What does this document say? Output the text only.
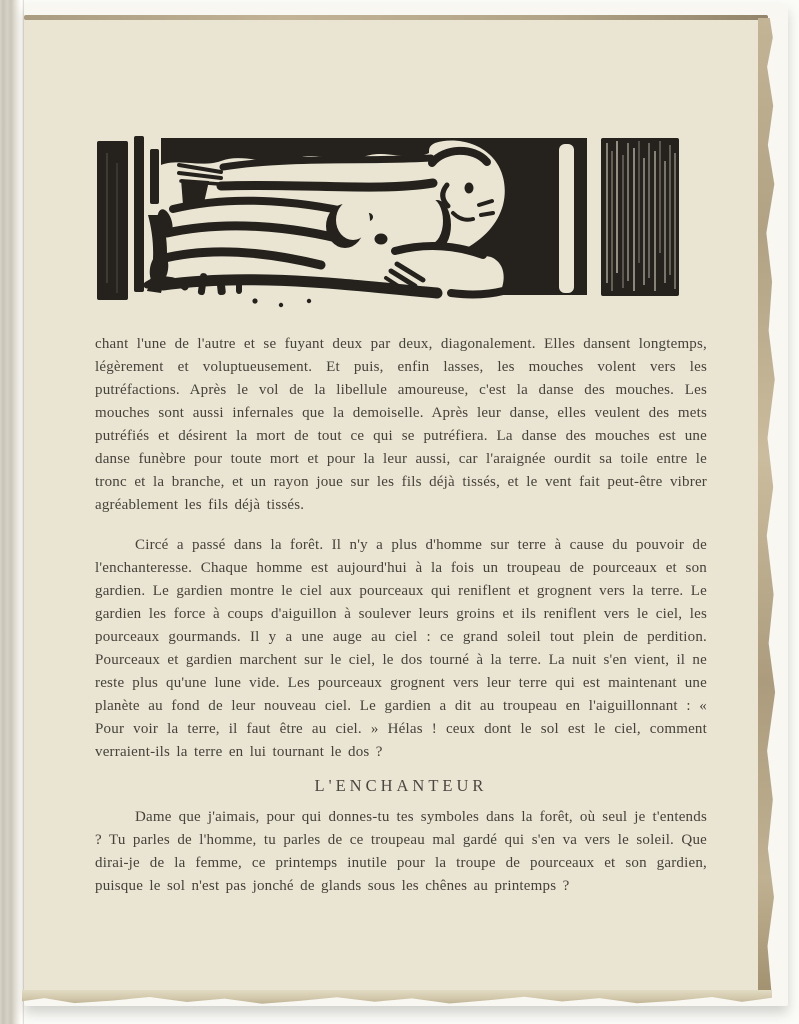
chant l'une de l'autre et se fuyant deux par deux, diagonalement. Elles dansent longtemps, légèrement et voluptueusement. Et puis, enfin lasses, les mouches volent vers les putréfactions. Après le vol de la libellule amoureuse, c'est la danse des mouches. Les mouches sont aussi infernales que la demoiselle. Après leur danse, elles veulent des mets putréfiés et désirent la mort de tout ce qui se putréfiera. La danse des mouches est une danse funèbre pour toute mort et pour la leur aussi, car l'araignée ourdit sa toile entre le tronc et la branche, et un rayon joue sur les fils déjà tissés, et le vent fait peut-être vibrer agréablement les fils déjà tissés.

Circé a passé dans la forêt. Il n'y a plus d'homme sur terre à cause du pouvoir de l'enchanteresse. Chaque homme est aujourd'hui à la fois un troupeau de pourceaux et son gardien. Le gardien montre le ciel aux pourceaux qui reniflent et grognent vers la terre. Le gardien les force à coups d'aiguillon à soulever leurs groins et ils reniflent vers le ciel, les pourceaux gourmands. Il y a une auge au ciel : ce grand soleil tout plein de perdition. Pourceaux et gardien marchent sur le ciel, le dos tourné à la terre. La nuit s'en vient, il ne reste plus qu'une lune vide. Les pourceaux grognent vers leur terre qui est maintenant une planète au fond de leur nouveau ciel. Le gardien a dit au troupeau en l'aiguillonnant : « Pour voir la terre, il faut être au ciel. » Hélas ! ceux dont le sol est le ciel, comment verraient-ils la terre en lui tournant le dos ?

L'ENCHANTEUR

Dame que j'aimais, pour qui donnes-tu tes symboles dans la forêt, où seul je t'entends ? Tu parles de l'homme, tu parles de ce troupeau mal gardé qui s'en va vers le soleil. Que dirai-je de la femme, ce printemps inutile pour la troupe de pourceaux et son gardien, puisque le sol n'est pas jonché de glands sous les chênes au printemps ?
